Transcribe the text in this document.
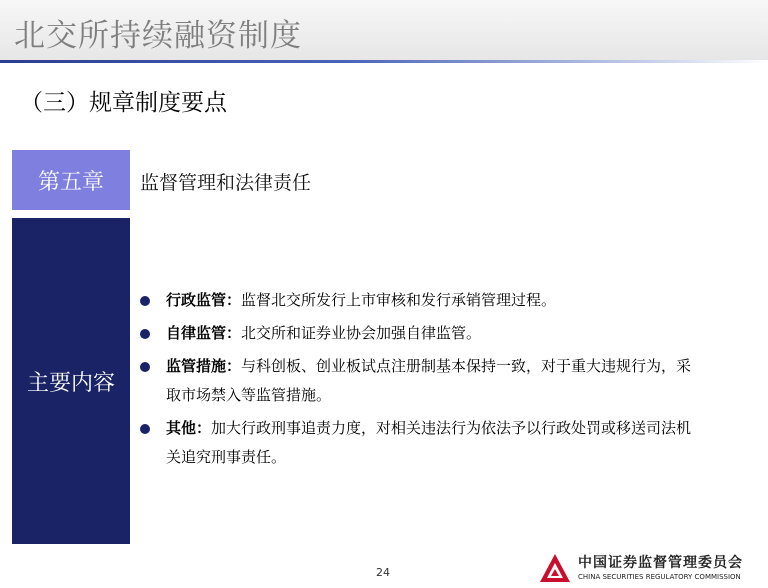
北交所持续融资制度
（三）规章制度要点
第五章 监督管理和法律责任
主要内容
行政监管：监督北交所发行上市审核和发行承销管理过程。
自律监管：北交所和证券业协会加强自律监管。
监管措施：与科创板、创业板试点注册制基本保持一致，对于重大违规行为，采取市场禁入等监管措施。
其他：加大行政刑事追责力度，对相关违法行为依法予以行政处罚或移送司法机关追究刑事责任。
24
中国证券监督管理委员会
CHINA SECURITIES REGULATORY COMMISSION
